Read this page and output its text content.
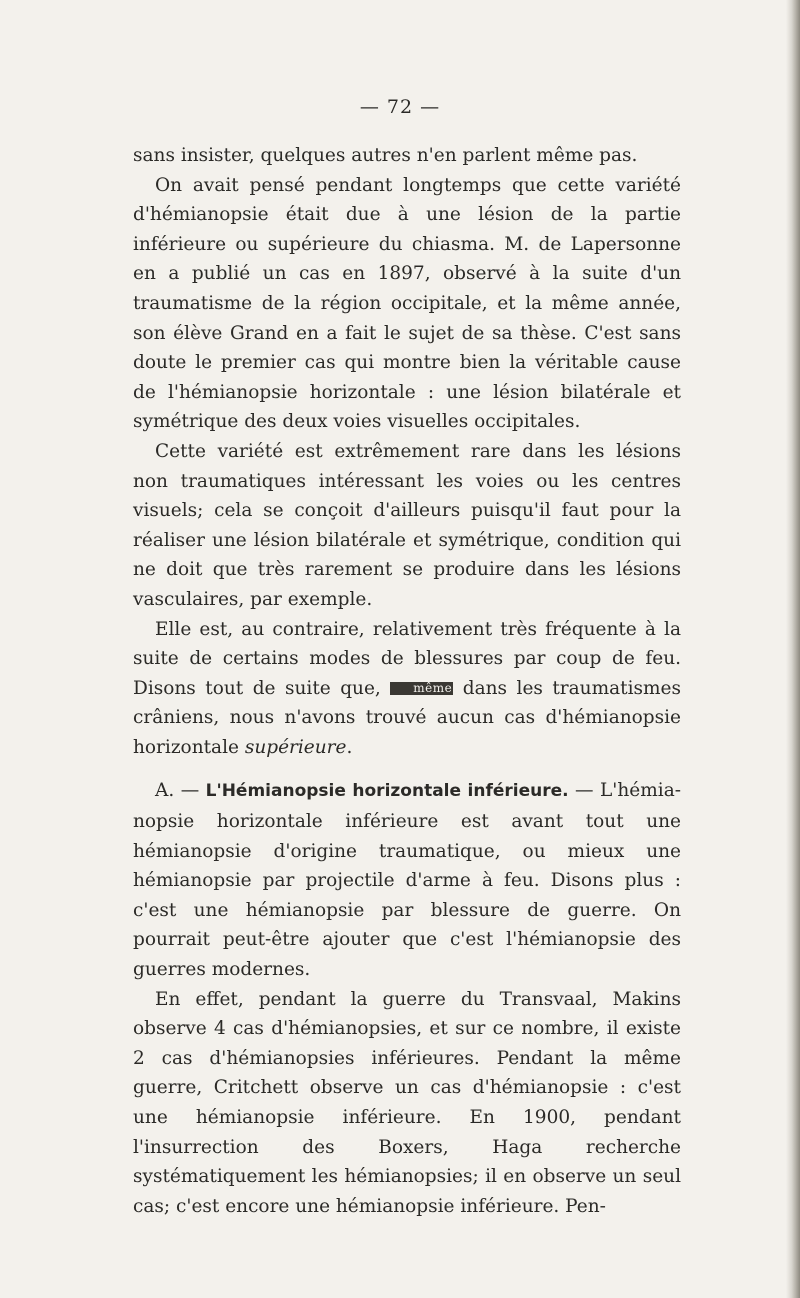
— 72 —

sans insister, quelques autres n'en parlent même pas.

On avait pensé pendant longtemps que cette variété d'hémianopsie était due à une lésion de la partie inférieure ou supérieure du chiasma. M. de Lapersonne en a publié un cas en 1897, observé à la suite d'un traumatisme de la région occipitale, et la même année, son élève Grand en a fait le sujet de sa thèse. C'est sans doute le premier cas qui montre bien la véritable cause de l'hémianopsie horizontale : une lésion bilatérale et symétrique des deux voies visuelles occipitales.

Cette variété est extrêmement rare dans les lésions non traumatiques intéressant les voies ou les centres visuels; cela se conçoit d'ailleurs puisqu'il faut pour la réaliser une lésion bilatérale et symétrique, condition qui ne doit que très rarement se produire dans les lésions vasculaires, par exemple.

Elle est, au contraire, relativement très fréquente à la suite de certains modes de blessures par coup de feu. Disons tout de suite que, même dans les traumatismes crâniens, nous n'avons trouvé aucun cas d'hémianopsie horizontale supérieure.

A. — L'Hémianopsie horizontale inférieure. — L'hémianopsie horizontale inférieure est avant tout une hémianopsie d'origine traumatique, ou mieux une hémianopsie par projectile d'arme à feu. Disons plus : c'est une hémianopsie par blessure de guerre. On pourrait peut-être ajouter que c'est l'hémianopsie des guerres modernes.

En effet, pendant la guerre du Transvaal, Makins observe 4 cas d'hémianopsies, et sur ce nombre, il existe 2 cas d'hémianopsies inférieures. Pendant la même guerre, Critchett observe un cas d'hémianopsie : c'est une hémianopsie inférieure. En 1900, pendant l'insurrection des Boxers, Haga recherche systématiquement les hémianopsies; il en observe un seul cas; c'est encore une hémianopsie inférieure. Pen-
